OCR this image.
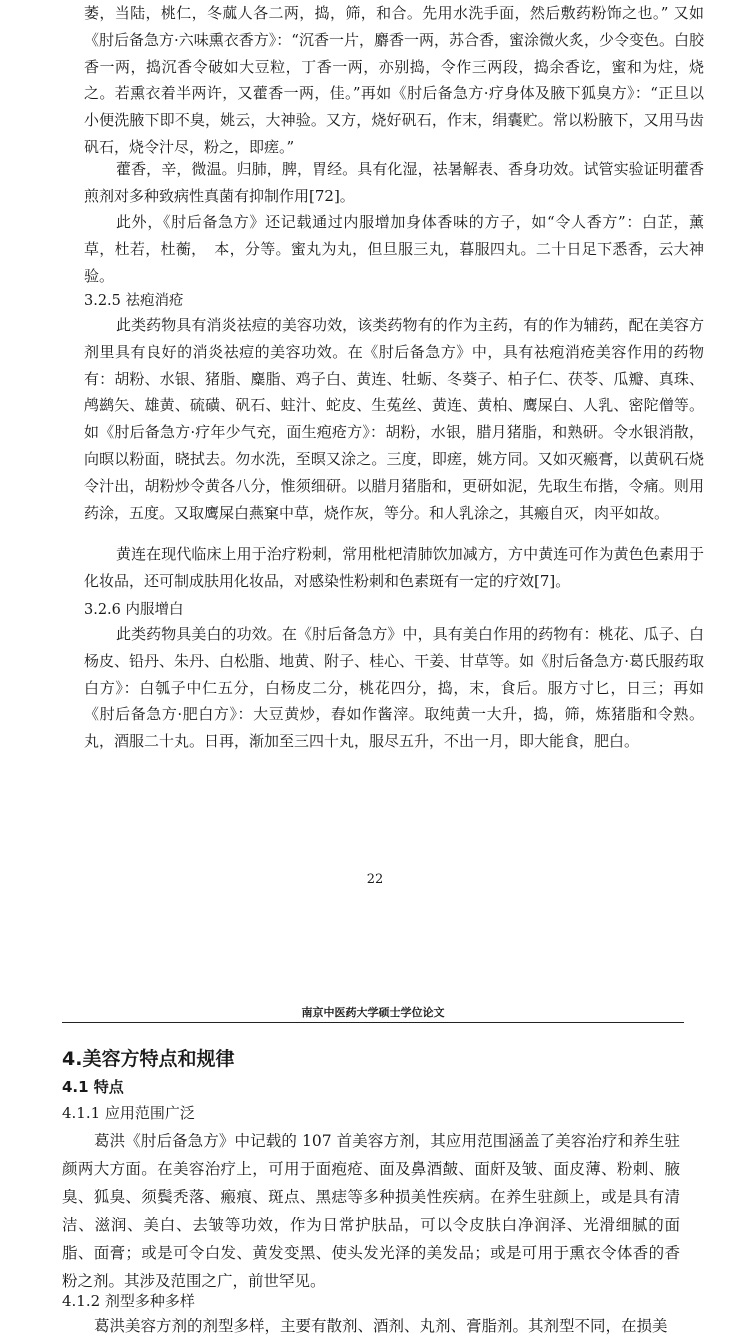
萎，当陆，桃仁，冬蓏人各二两，捣，筛，和合。先用水洗手面，然后敷药粉饰之也。” 又如《肘后备急方·六味熏衣香方》：“沉香一片，麝香一两，苏合香，蜜涂微火炙，少令变色。白胶香一两，捣沉香令破如大豆粒，丁香一两，亦别捣，令作三两段，捣余香讫，蜜和为炷，烧之。若熏衣着半两许，又藿香一两，佳。”再如《肘后备急方·疗身体及腋下狐臭方》：“正旦以小便洗腋下即不臭，姚云，大神验。又方，烧好矾石，作末，绢囊贮。常以粉腋下，又用马齿矾石，烧令汁尽，粉之，即瘥。”

藿香，辛，微温。归肺，脾，胃经。具有化湿，祛暑解表、香身功效。试管实验证明藿香煎剂对多种致病性真菌有抑制作用[72]。

此外，《肘后备急方》还记载通过内服增加身体香味的方子，如“令人香方”：白芷，薰草，杜若，杜蘅，　本，分等。蜜丸为丸，但旦服三丸，暮服四丸。二十日足下悉香，云大神验。

3.2.5 祛疱消疮

此类药物具有消炎祛痘的美容功效，该类药物有的作为主药，有的作为辅药，配在美容方剂里具有良好的消炎祛痘的美容功效。在《肘后备急方》中，具有祛疱消疮美容作用的药物有：胡粉、水银、猪脂、麋脂、鸡子白、黄连、牡蛎、冬葵子、柏子仁、茯苓、瓜瓣、真珠、鸬鹚矢、雄黄、硫磺、矾石、蛀汁、蛇皮、生菟丝、黄连、黄柏、鹰屎白、人乳、密陀僧等。如《肘后备急方·疗年少气充，面生疱疮方》：胡粉，水银，腊月猪脂，和熟研。令水银消散，向暝以粉面，晓拭去。勿水洗，至暝又涂之。三度，即瘥，姚方同。又如灭瘢膏，以黄矾石烧令汁出，胡粉炒令黄各八分，惟须细研。以腊月猪脂和，更研如泥，先取生布揩，令痛。则用药涂，五度。又取鹰屎白燕窠中草，烧作灰，等分。和人乳涂之，其瘢自灭，肉平如故。

黄连在现代临床上用于治疗粉刺，常用枇杷清肺饮加减方，方中黄连可作为黄色色素用于化妆品，还可制成肤用化妆品，对感染性粉刺和色素斑有一定的疗效[7]。

3.2.6 内服增白

此类药物具美白的功效。在《肘后备急方》中，具有美白作用的药物有：桃花、瓜子、白杨皮、铅丹、朱丹、白松脂、地黄、附子、桂心、干姜、甘草等。如《肘后备急方·葛氏服药取白方》：白瓠子中仁五分，白杨皮二分，桃花四分，捣，末，食后。服方寸匕，日三；再如《肘后备急方·肥白方》：大豆黄炒，舂如作酱滓。取纯黄一大升，捣，筛，炼猪脂和令熟。丸，酒服二十丸。日再，渐加至三四十丸，服尽五升，不出一月，即大能食，肥白。

22
南京中医药大学硕士学位论文
4.美容方特点和规律

4.1 特点

4.1.1 应用范围广泛

葛洪《肘后备急方》中记载的 107 首美容方剂，其应用范围涵盖了美容治疗和养生驻颜两大方面。在美容治疗上，可用于面疱疮、面及鼻酒皶、面皯及皱、面皮薄、粉刺、腋臭、狐臭、须鬓秃落、瘢痕、斑点、黑痣等多种损美性疾病。在养生驻颜上，或是具有清洁、滋润、美白、去皱等功效，作为日常护肤品，可以令皮肤白净润泽、光滑细腻的面脂、面膏；或是可令白发、黄发变黑、使头发光泽的美发品；或是可用于熏衣令体香的香粉之剂。其涉及范围之广，前世罕见。

4.1.2 剂型多种多样

葛洪美容方剂的剂型多样，主要有散剂、酒剂、丸剂、膏脂剂。其剂型不同，在损美
